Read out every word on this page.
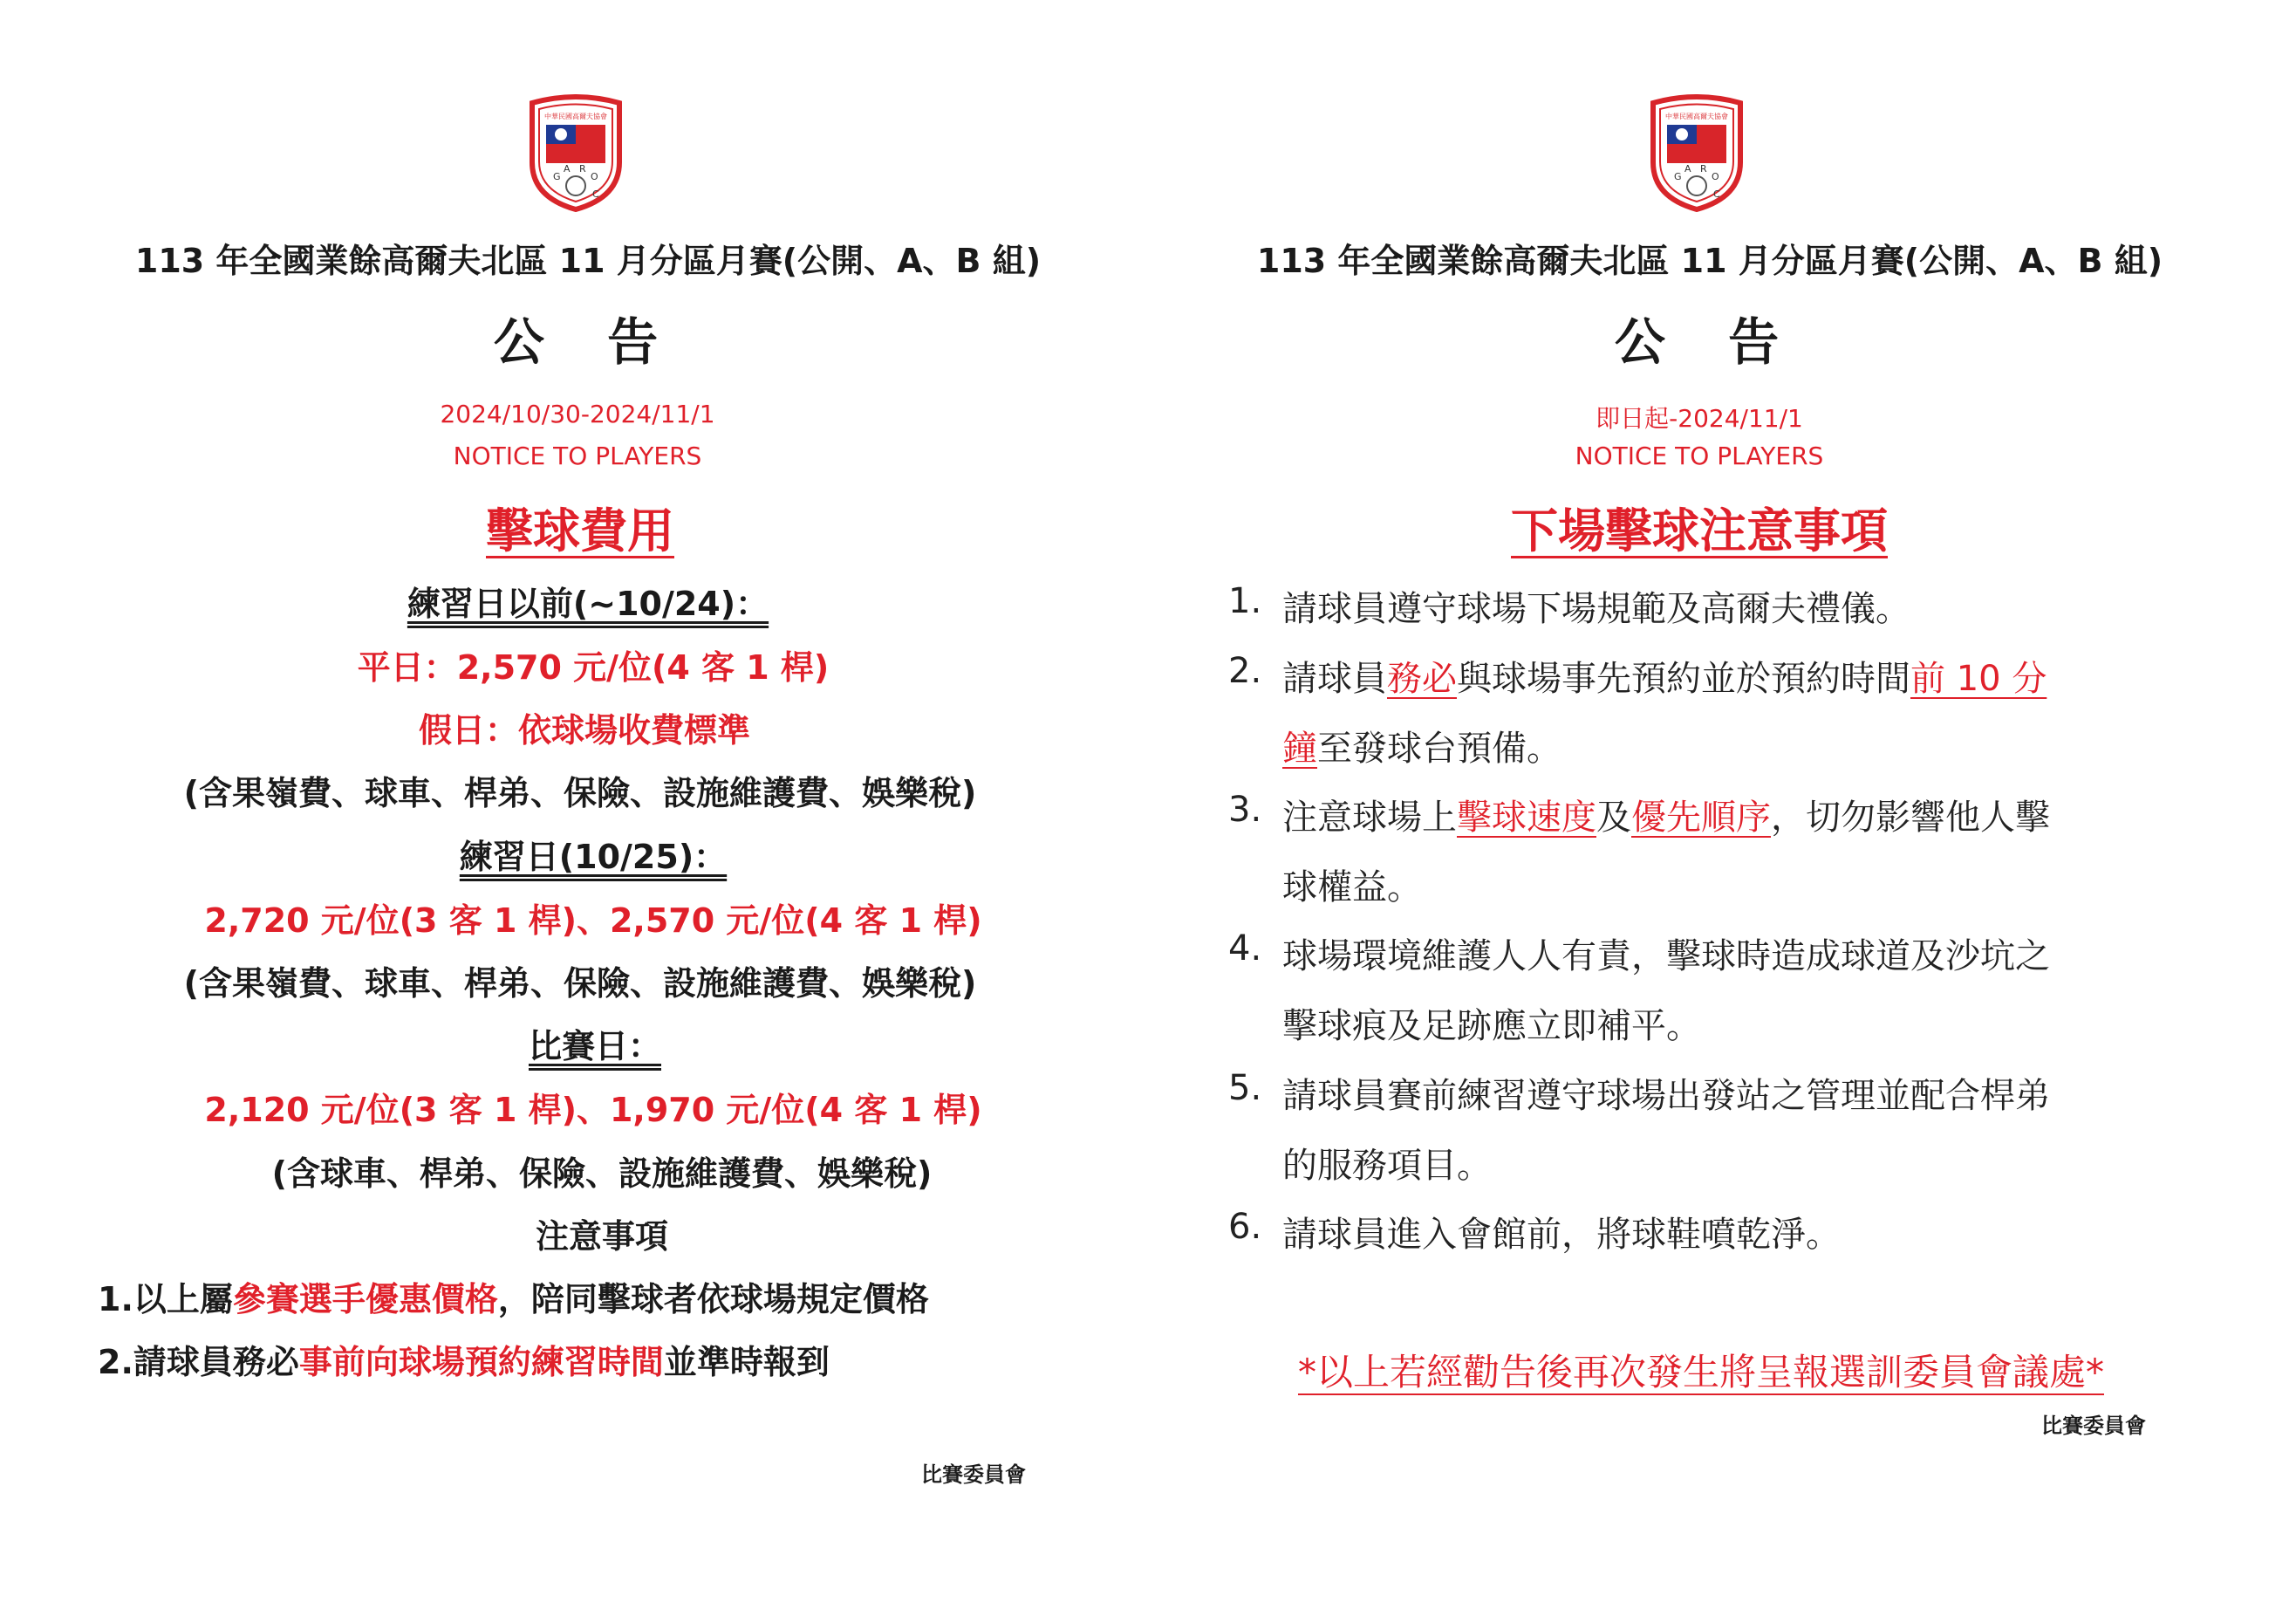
中華民國高爾夫協會
G
A R
O
C
113 年全國業餘高爾夫北區 11 月分區月賽(公開、A、B 組)
公 告
2024/10/30-2024/11/1
NOTICE TO PLAYERS
擊球費用
練習日以前(~10/24)：
平日：2,570 元/位(4 客 1 桿)
假日：依球場收費標準
(含果嶺費、球車、桿弟、保險、設施維護費、娛樂稅)
練習日(10/25)：
2,720 元/位(3 客 1 桿)、2,570 元/位(4 客 1 桿)
(含果嶺費、球車、桿弟、保險、設施維護費、娛樂稅)
比賽日：
2,120 元/位(3 客 1 桿)、1,970 元/位(4 客 1 桿)
(含球車、桿弟、保險、設施維護費、娛樂稅)
注意事項
1.以上屬參賽選手優惠價格，陪同擊球者依球場規定價格
2.請球員務必事前向球場預約練習時間並準時報到
比賽委員會
中華民國高爾夫協會
G
A R
O
C
113 年全國業餘高爾夫北區 11 月分區月賽(公開、A、B 組)
公 告
即日起-2024/11/1
NOTICE TO PLAYERS
下場擊球注意事項
1. 請球員遵守球場下場規範及高爾夫禮儀。
2. 請球員務必與球場事先預約並於預約時間前 10 分
鐘至發球台預備。
3. 注意球場上擊球速度及優先順序，切勿影響他人擊
球權益。
4. 球場環境維護人人有責，擊球時造成球道及沙坑之
擊球痕及足跡應立即補平。
5. 請球員賽前練習遵守球場出發站之管理並配合桿弟
的服務項目。
6. 請球員進入會館前，將球鞋噴乾淨。
*以上若經勸告後再次發生將呈報選訓委員會議處*
比賽委員會
